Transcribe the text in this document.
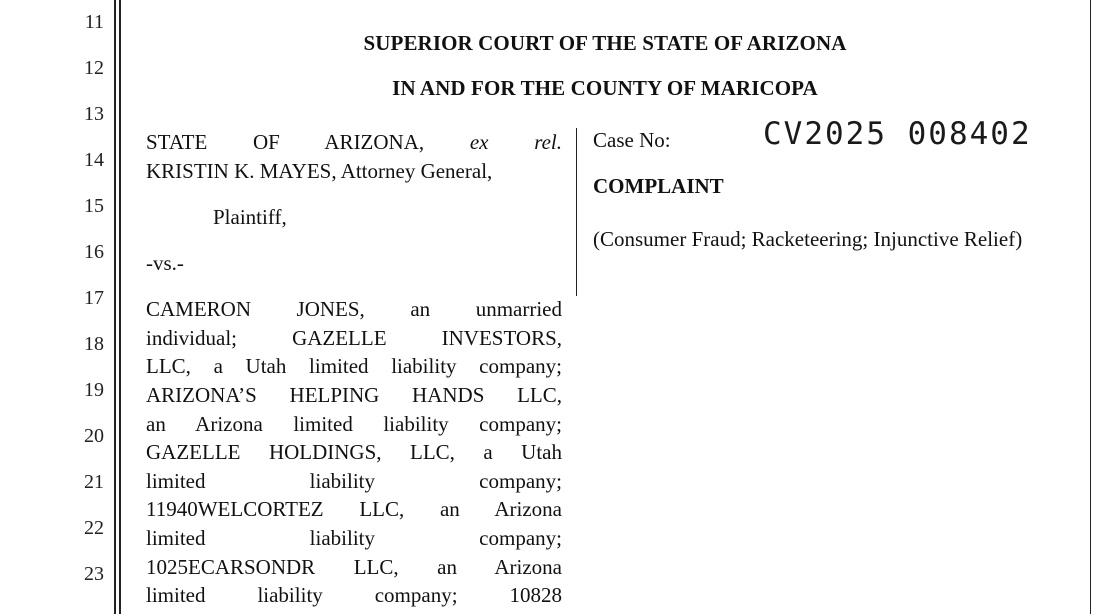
11
12
13
14
15
16
17
18
19
20
21
22
23
SUPERIOR COURT OF THE STATE OF ARIZONA
IN AND FOR THE COUNTY OF MARICOPA
STATE OF ARIZONA, ex rel.
KRISTIN K. MAYES, Attorney General,
Plaintiff,
-vs.-
CAMERON JONES, an unmarried
individual; GAZELLE INVESTORS,
LLC, a Utah limited liability company;
ARIZONA’S HELPING HANDS LLC,
an Arizona limited liability company;
GAZELLE HOLDINGS, LLC, a Utah
limited	liability	company;
11940WELCORTEZ LLC, an Arizona
limited	liability	company;
1025ECARSONDR LLC, an Arizona
limited liability company; 10828
Case No:	CV2025 008402
COMPLAINT
(Consumer Fraud; Racketeering; Injunctive Relief)
